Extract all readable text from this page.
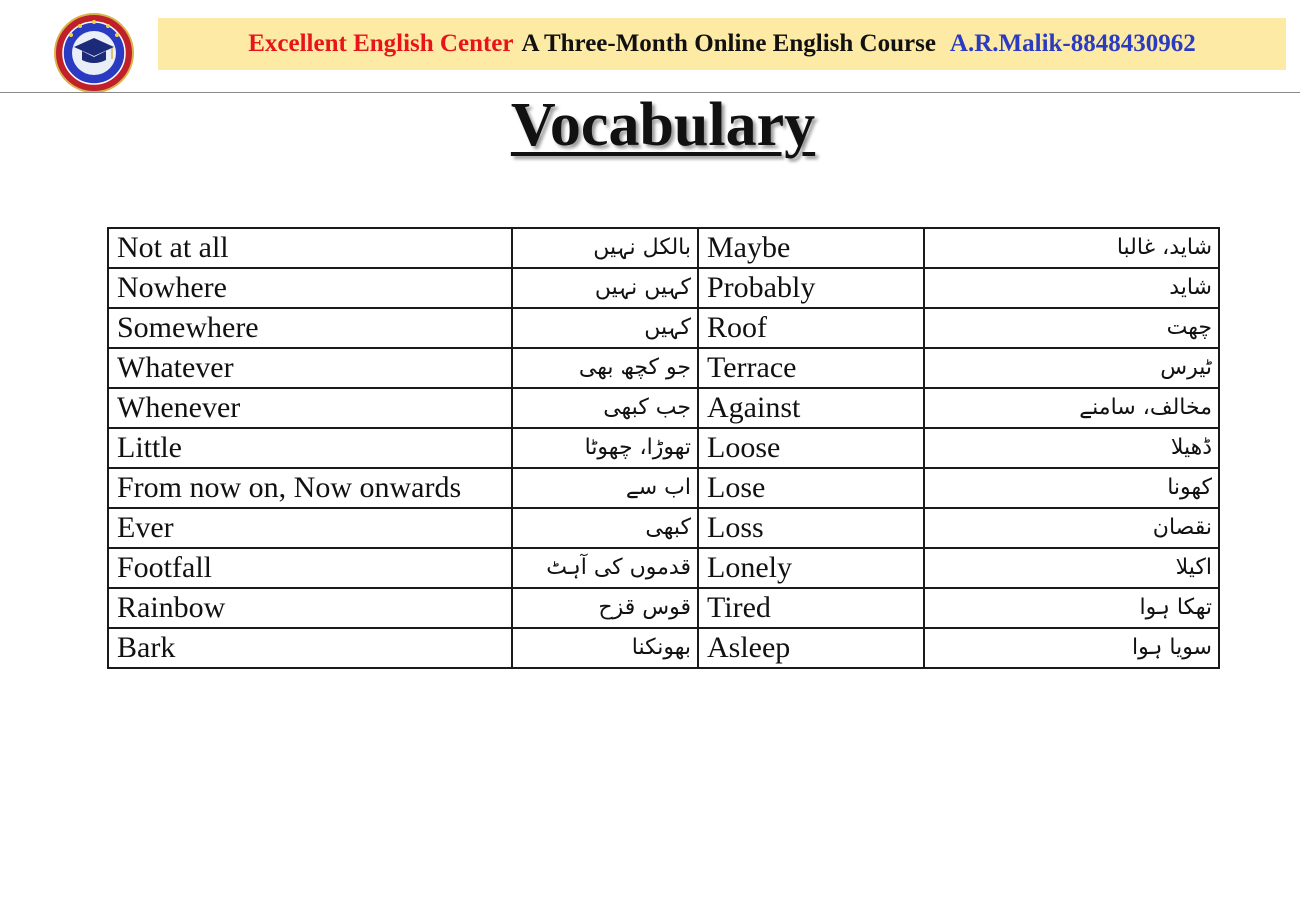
Excellent English Center A Three-Month Online English Course A.R.Malik-8848430962
Vocabulary
Not at all	بالکل نہیں	Maybe	شاید، غالبا
Nowhere	کہیں نہیں	Probably	شاید
Somewhere	کہیں	Roof	چھت
Whatever	جو کچھ بھی	Terrace	ٹیرس
Whenever	جب کبھی	Against	مخالف، سامنے
Little	تھوڑا، چھوٹا	Loose	ڈھیلا
From now on, Now onwards	اب سے	Lose	کھونا
Ever	کبھی	Loss	نقصان
Footfall	قدموں کی آہٹ	Lonely	اکیلا
Rainbow	قوس قزح	Tired	تھکا ہوا
Bark	بھونکنا	Asleep	سویا ہوا
